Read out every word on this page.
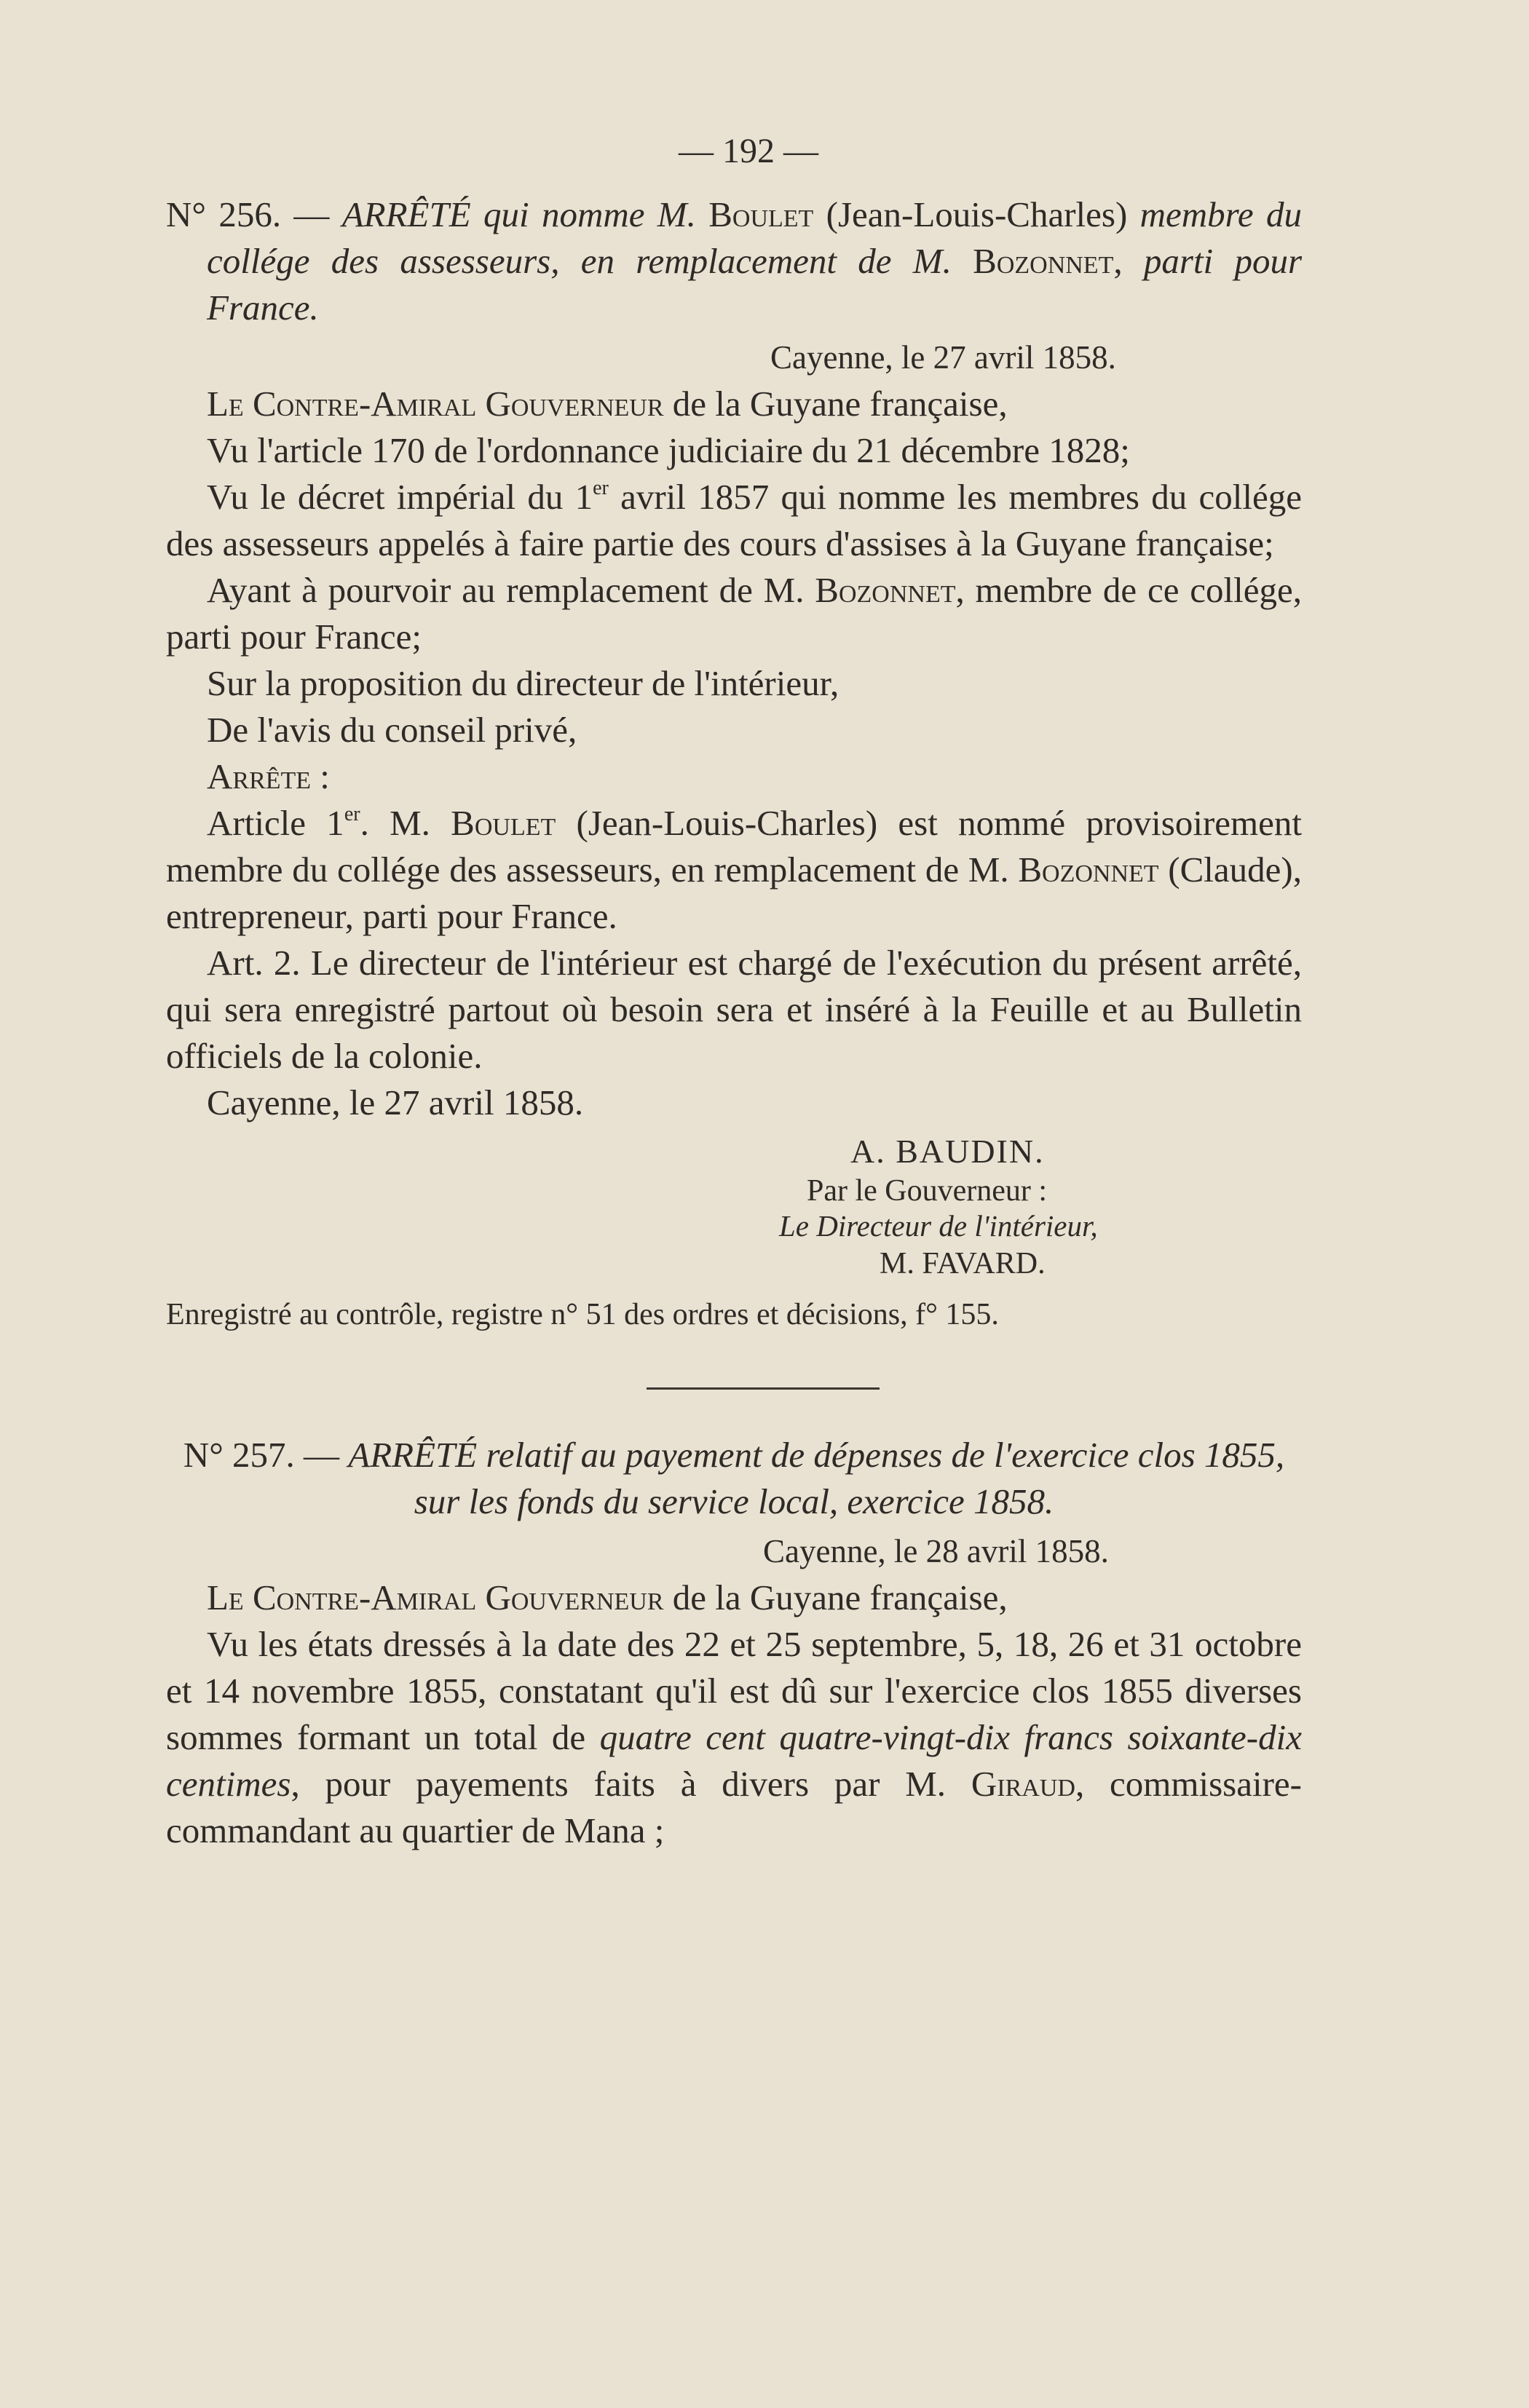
— 192 —

N° 256. — ARRÊTÉ qui nomme M. Boulet (Jean-Louis-Charles) membre du collége des assesseurs, en remplacement de M. Bozonnet, parti pour France.

Cayenne, le 27 avril 1858.

Le Contre-Amiral Gouverneur de la Guyane française,

Vu l'article 170 de l'ordonnance judiciaire du 21 décembre 1828;

Vu le décret impérial du 1er avril 1857 qui nomme les membres du collége des assesseurs appelés à faire partie des cours d'assises à la Guyane française;

Ayant à pourvoir au remplacement de M. Bozonnet, membre de ce collége, parti pour France;

Sur la proposition du directeur de l'intérieur,

De l'avis du conseil privé,

Arrête :

Article 1er. M. Boulet (Jean-Louis-Charles) est nommé provisoirement membre du collége des assesseurs, en remplacement de M. Bozonnet (Claude), entrepreneur, parti pour France.

Art. 2. Le directeur de l'intérieur est chargé de l'exécution du présent arrêté, qui sera enregistré partout où besoin sera et inséré à la Feuille et au Bulletin officiels de la colonie.

Cayenne, le 27 avril 1858.

A. BAUDIN.
Par le Gouverneur :
Le Directeur de l'intérieur,
M. FAVARD.

Enregistré au contrôle, registre n° 51 des ordres et décisions, f° 155.

N° 257. — ARRÊTÉ relatif au payement de dépenses de l'exercice clos 1855, sur les fonds du service local, exercice 1858.

Cayenne, le 28 avril 1858.

Le Contre-Amiral Gouverneur de la Guyane française,

Vu les états dressés à la date des 22 et 25 septembre, 5, 18, 26 et 31 octobre et 14 novembre 1855, constatant qu'il est dû sur l'exercice clos 1855 diverses sommes formant un total de quatre cent quatre-vingt-dix francs soixante-dix centimes, pour payements faits à divers par M. Giraud, commissaire-commandant au quartier de Mana ;
